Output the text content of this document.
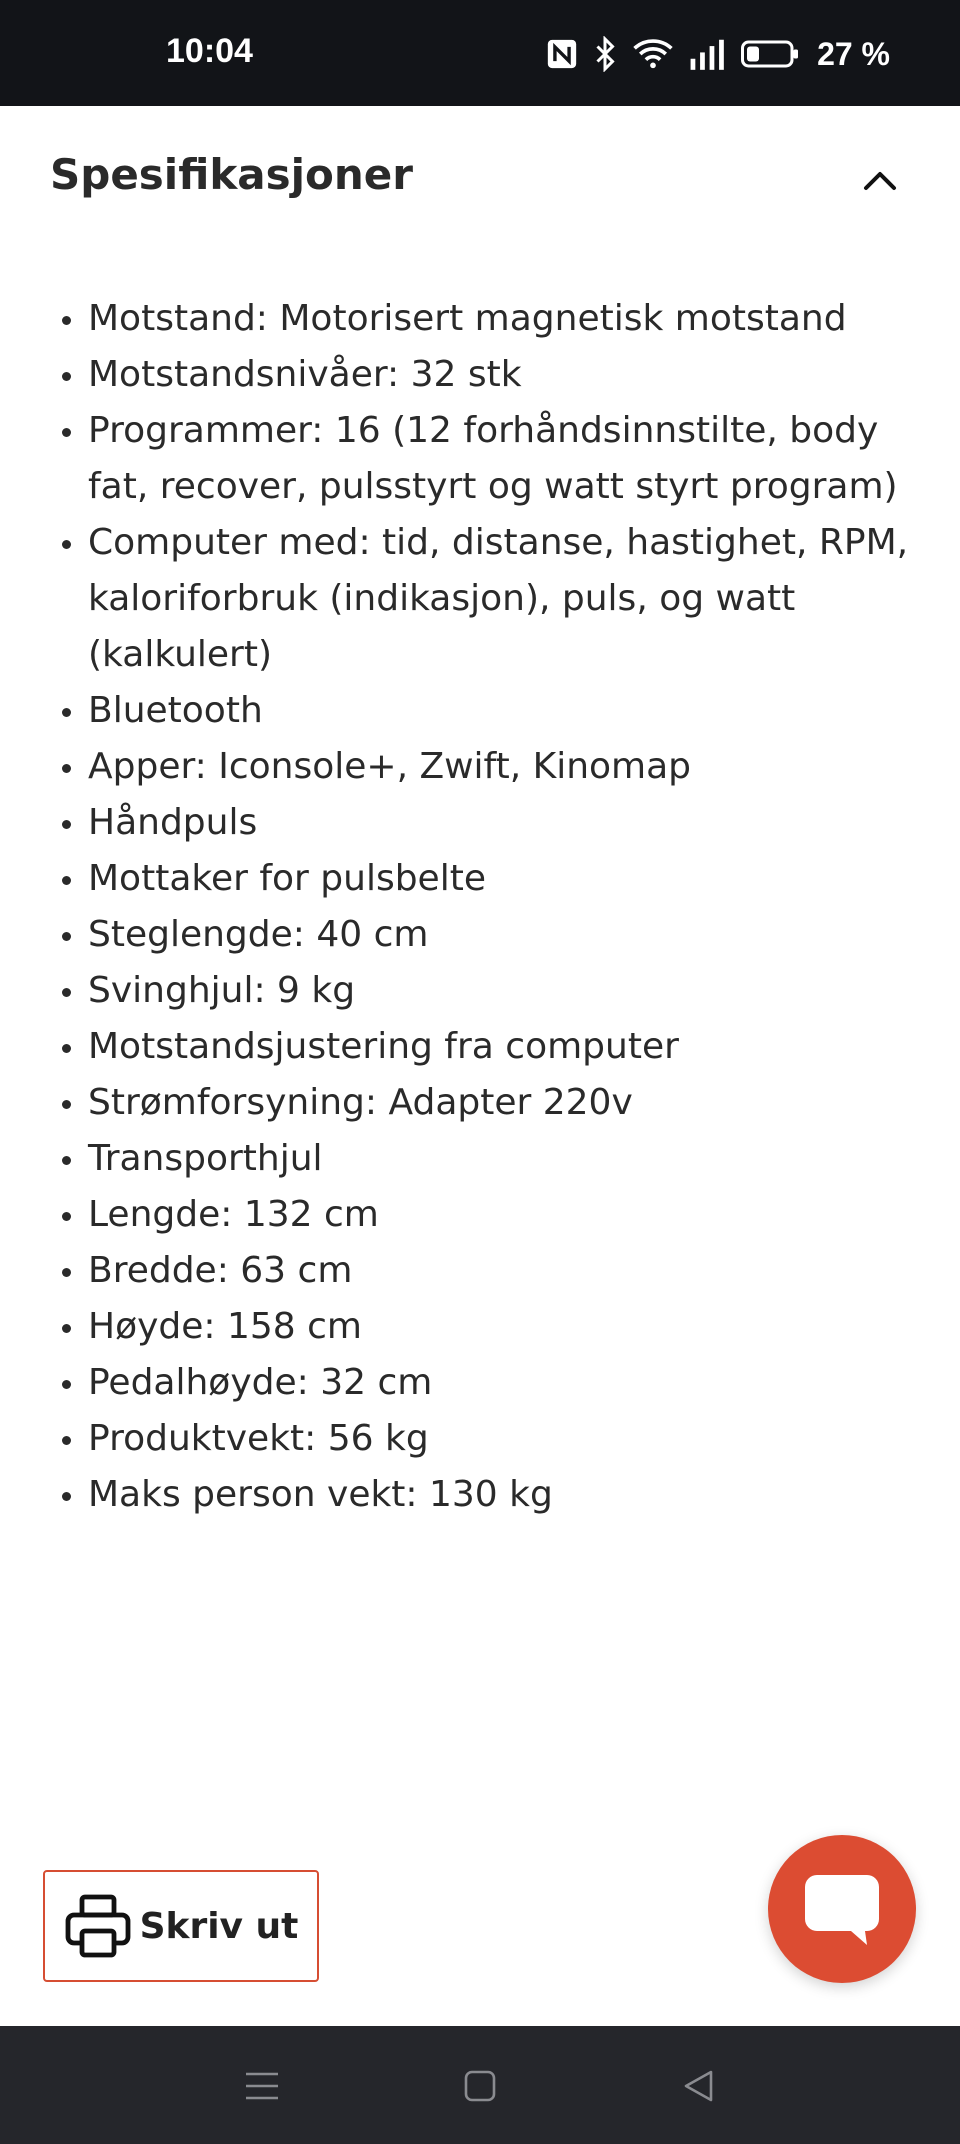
10:04	27 %
Spesifikasjoner
Motstand: Motorisert magnetisk motstand
Motstandsnivåer: 32 stk
Programmer: 16 (12 forhåndsinnstilte, body fat, recover, pulsstyrt og watt styrt program)
Computer med: tid, distanse, hastighet, RPM, kaloriforbruk (indikasjon), puls, og watt (kalkulert)
Bluetooth
Apper: Iconsole+, Zwift, Kinomap
Håndpuls
Mottaker for pulsbelte
Steglengde: 40 cm
Svinghjul: 9 kg
Motstandsjustering fra computer
Strømforsyning: Adapter 220v
Transporthjul
Lengde: 132 cm
Bredde: 63 cm
Høyde: 158 cm
Pedalhøyde: 32 cm
Produktvekt: 56 kg
Maks person vekt: 130 kg
Skriv ut
